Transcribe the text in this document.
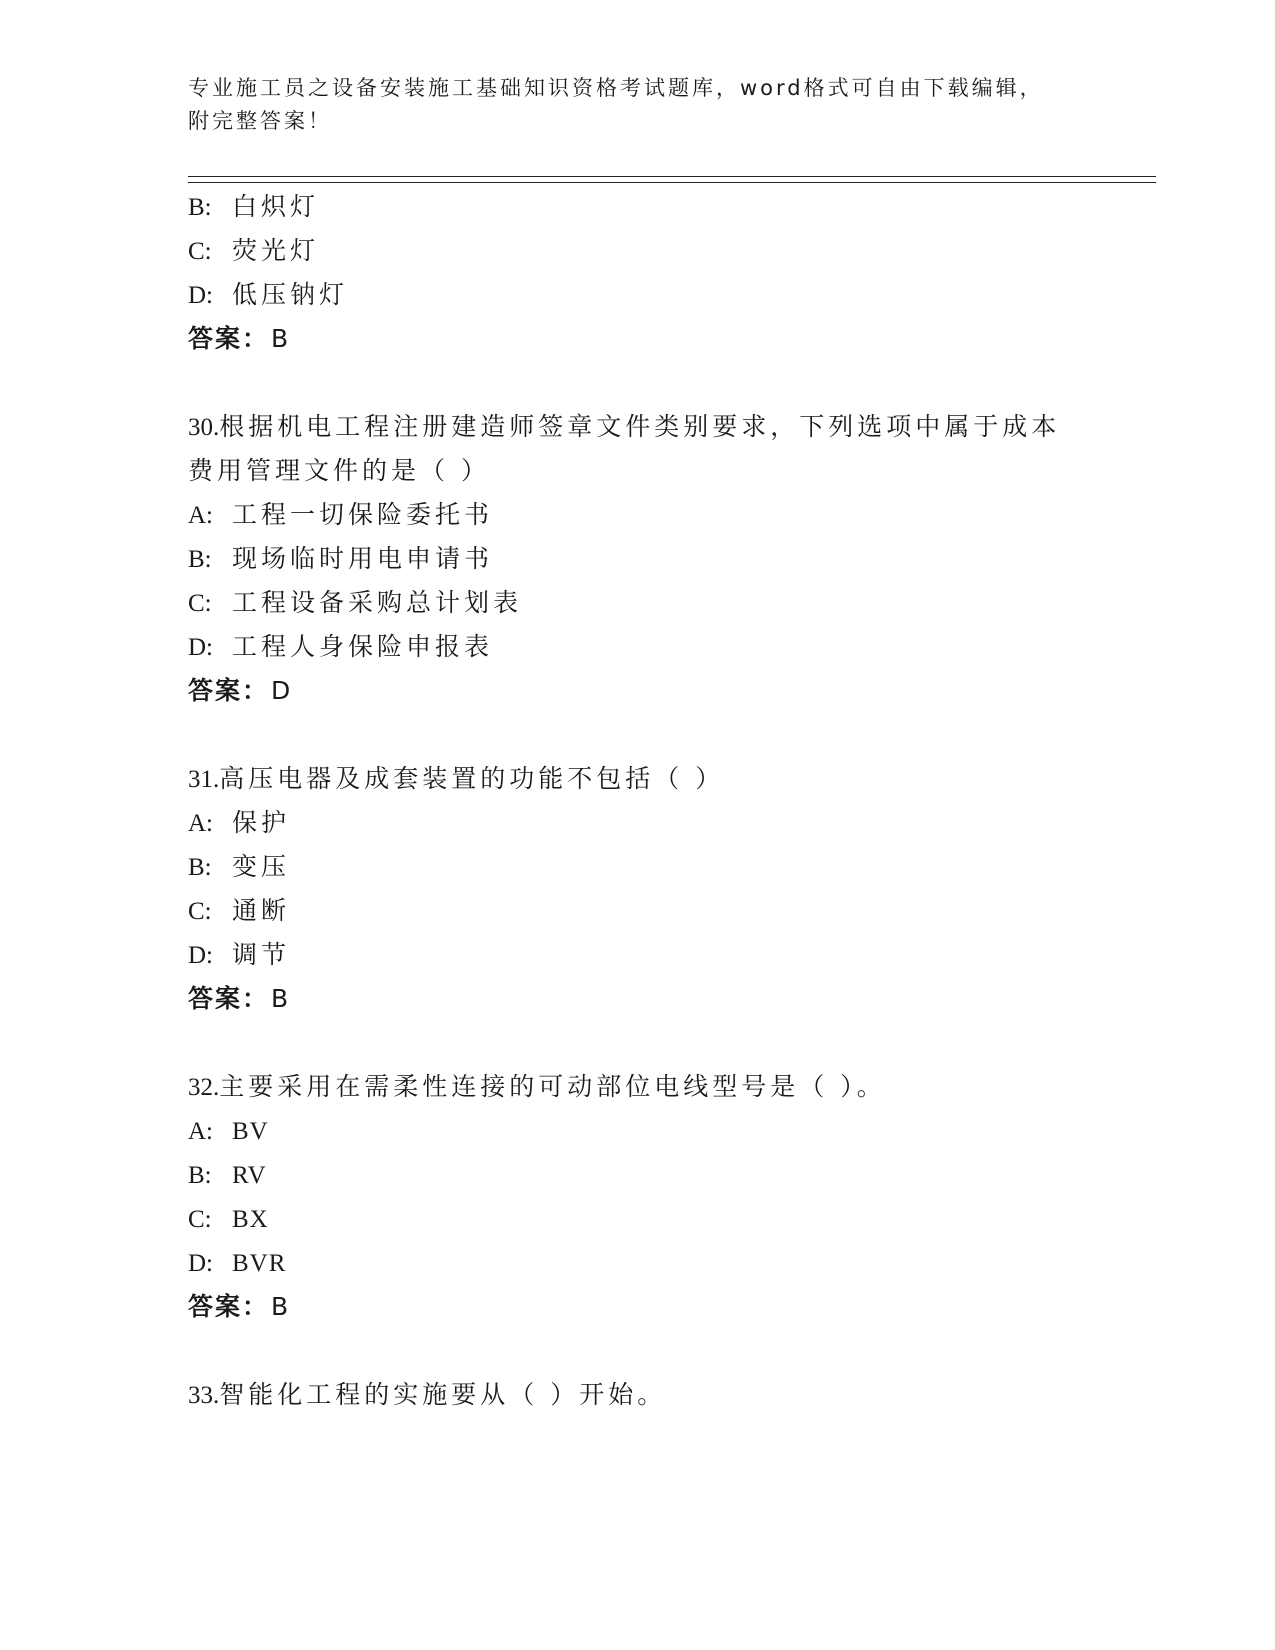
专业施工员之设备安装施工基础知识资格考试题库，word格式可自由下载编辑，
附完整答案！
B: 白炽灯
C: 荧光灯
D: 低压钠灯
答案：B
30.根据机电工程注册建造师签章文件类别要求，下列选项中属于成本
费用管理文件的是（ ）
A: 工程一切保险委托书
B: 现场临时用电申请书
C: 工程设备采购总计划表
D: 工程人身保险申报表
答案：D
31.高压电器及成套装置的功能不包括（ ）
A: 保护
B: 变压
C: 通断
D: 调节
答案：B
32.主要采用在需柔性连接的可动部位电线型号是（ ）。
A: BV
B: RV
C: BX
D: BVR
答案：B
33.智能化工程的实施要从（ ）开始。
